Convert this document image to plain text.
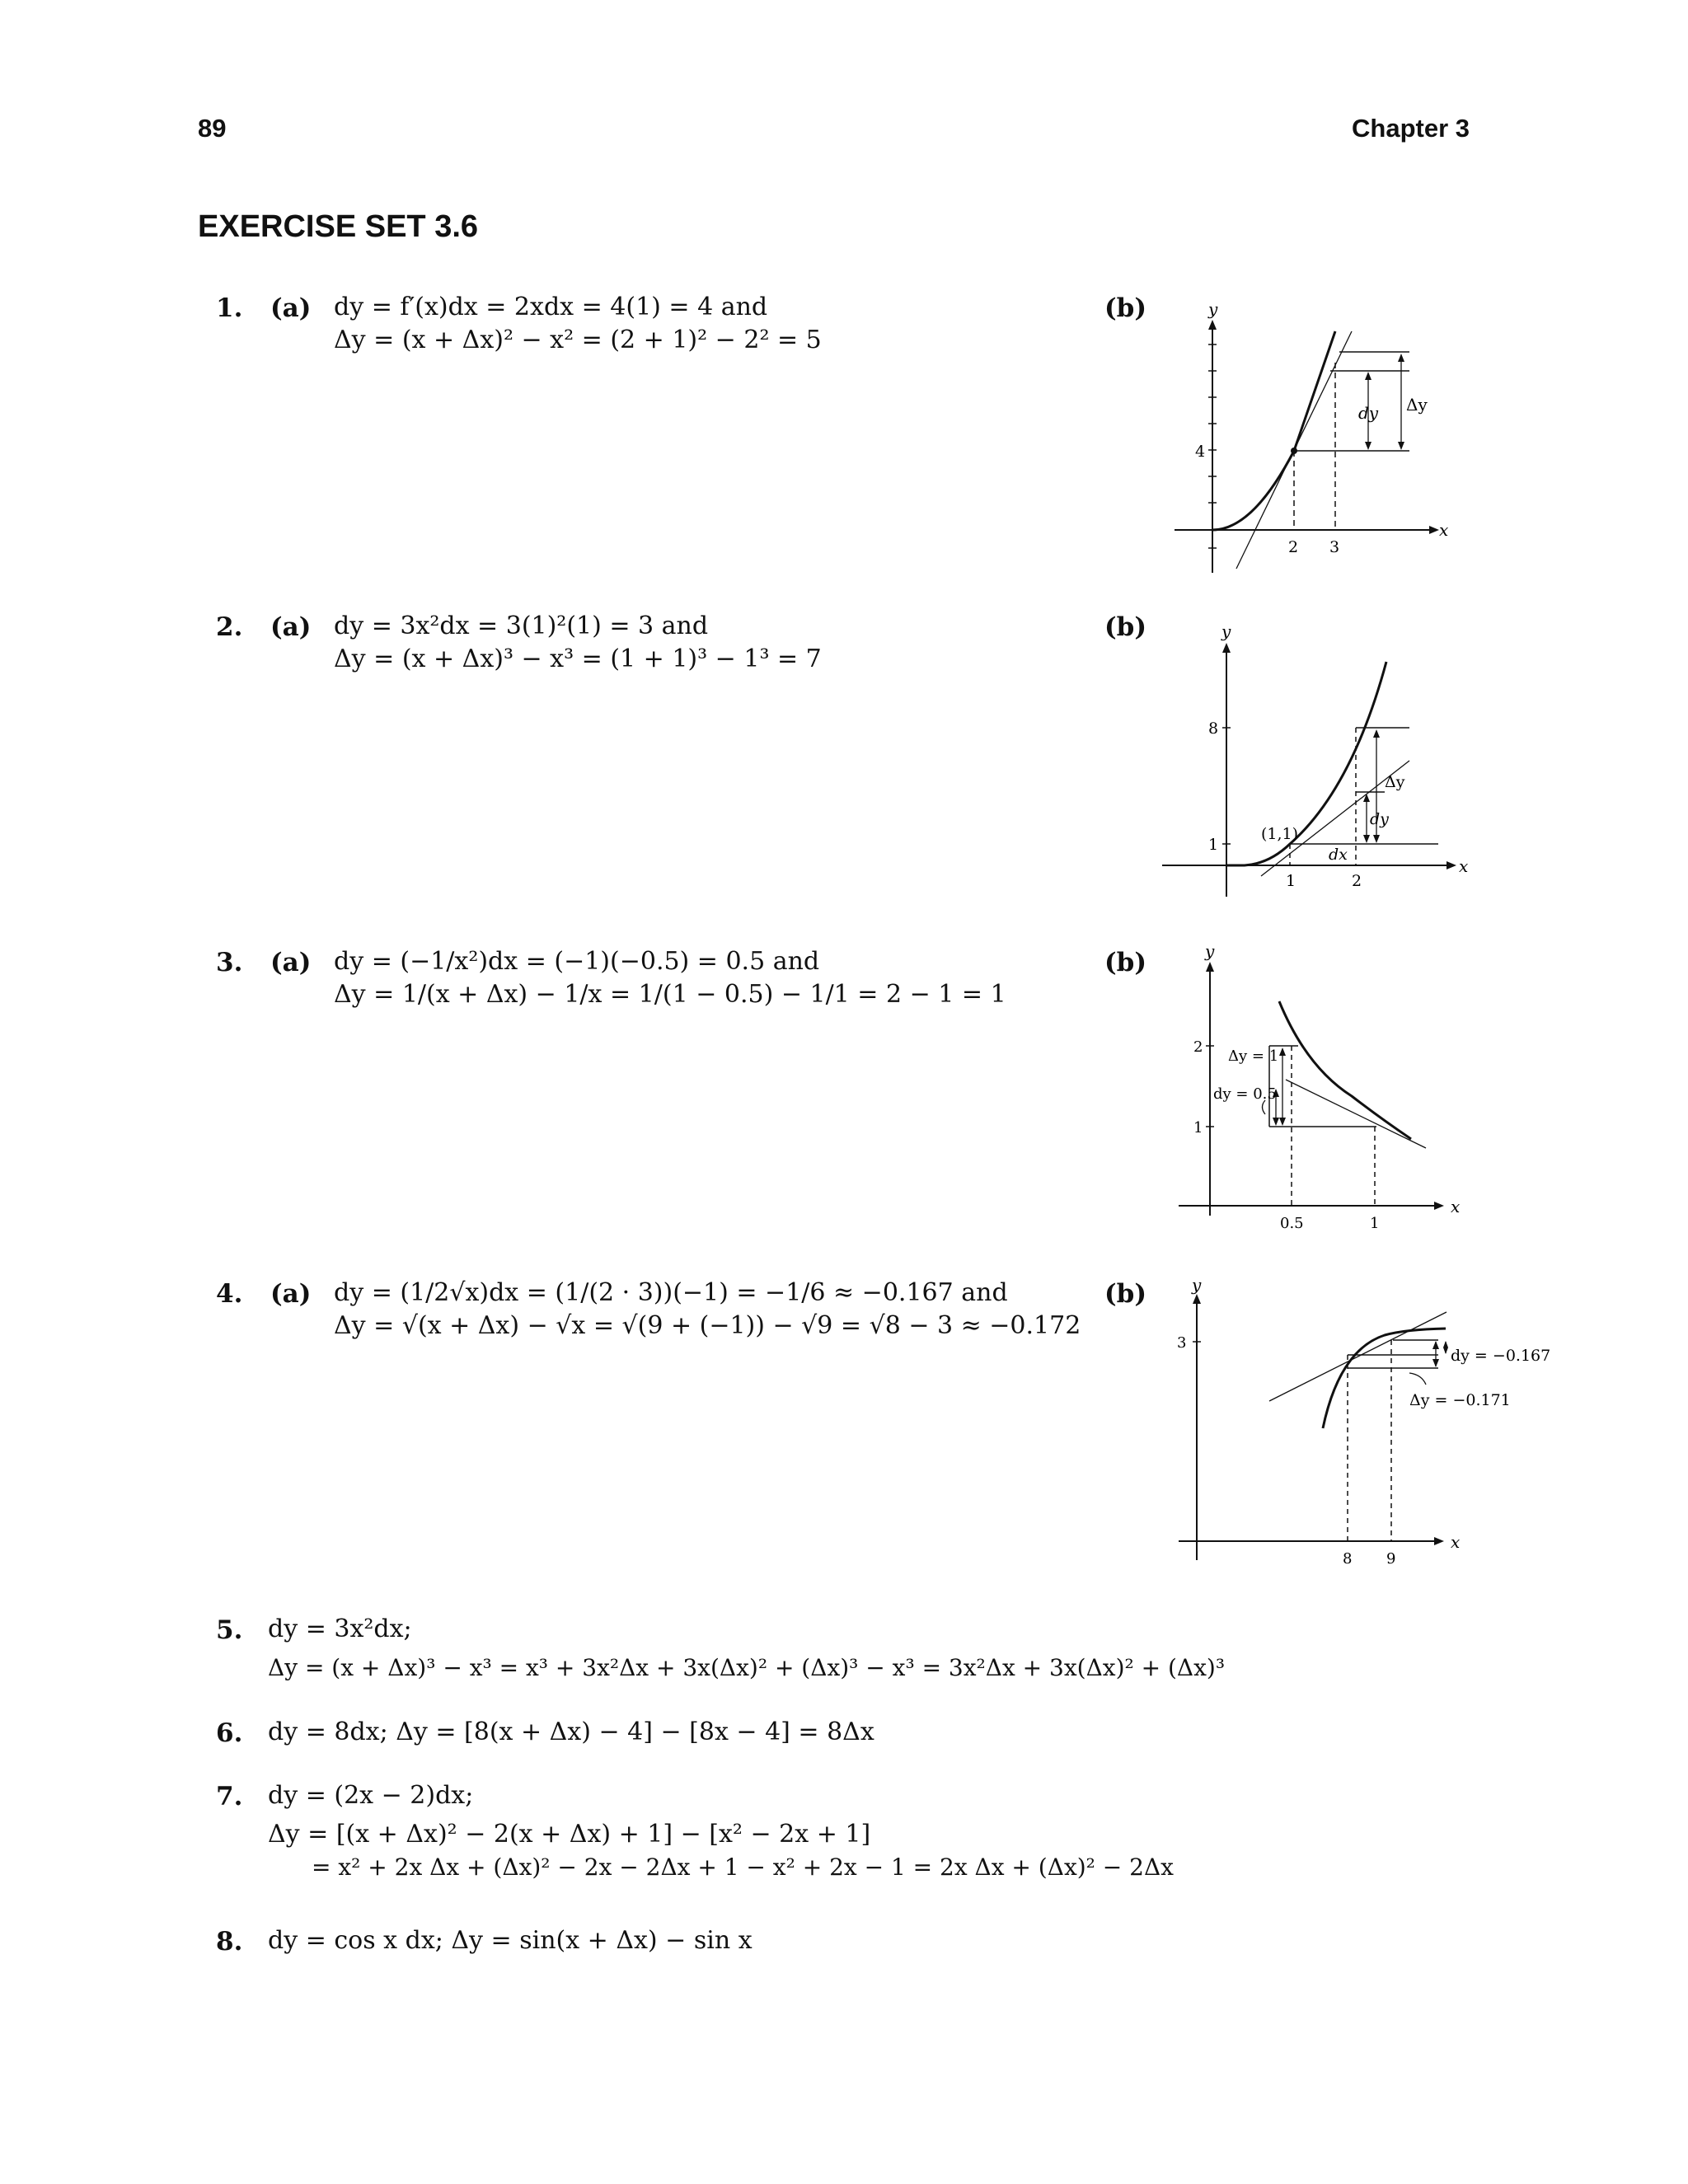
89	Chapter 3
EXERCISE SET 3.6
1. (a) dy = f′(x)dx = 2xdx = 4(1) = 4 and
Δy = (x + Δx)² − x² = (2 + 1)² − 2² = 5
(b)
x
y
2 3
4
dy Δy
2. (a) dy = 3x²dx = 3(1)²(1) = 3 and
Δy = (x + Δx)³ − x³ = (1 + 1)³ − 1³ = 7
(b)
x
y
1	2
1
8
(1,1)
dx
dy
Δy
3. (a) dy = (−1/x²)dx = (−1)(−0.5) = 0.5 and
Δy = 1/(x + Δx) − 1/x = 1/(1 − 0.5) − 1/1 = 2 − 1 = 1
(b)
x
y
0.5	1
2
1
Δy = 1
dy = 0.5
4. (a) dy = (1/2√x)dx = (1/(2 · 3))(−1) = −1/6 ≈ −0.167 and
Δy = √(x + Δx) − √x = √(9 + (−1)) − √9 = √8 − 3 ≈ −0.172
(b)
x
y
8 9
3
dy = −0.167
Δy = −0.171
5. dy = 3x²dx;
Δy = (x + Δx)³ − x³ = x³ + 3x²Δx + 3x(Δx)² + (Δx)³ − x³ = 3x²Δx + 3x(Δx)² + (Δx)³
6. dy = 8dx; Δy = [8(x + Δx) − 4] − [8x − 4] = 8Δx
7. dy = (2x − 2)dx;
Δy = [(x + Δx)² − 2(x + Δx) + 1] − [x² − 2x + 1]
= x² + 2x Δx + (Δx)² − 2x − 2Δx + 1 − x² + 2x − 1 = 2x Δx + (Δx)² − 2Δx
8. dy = cos x dx; Δy = sin(x + Δx) − sin x
